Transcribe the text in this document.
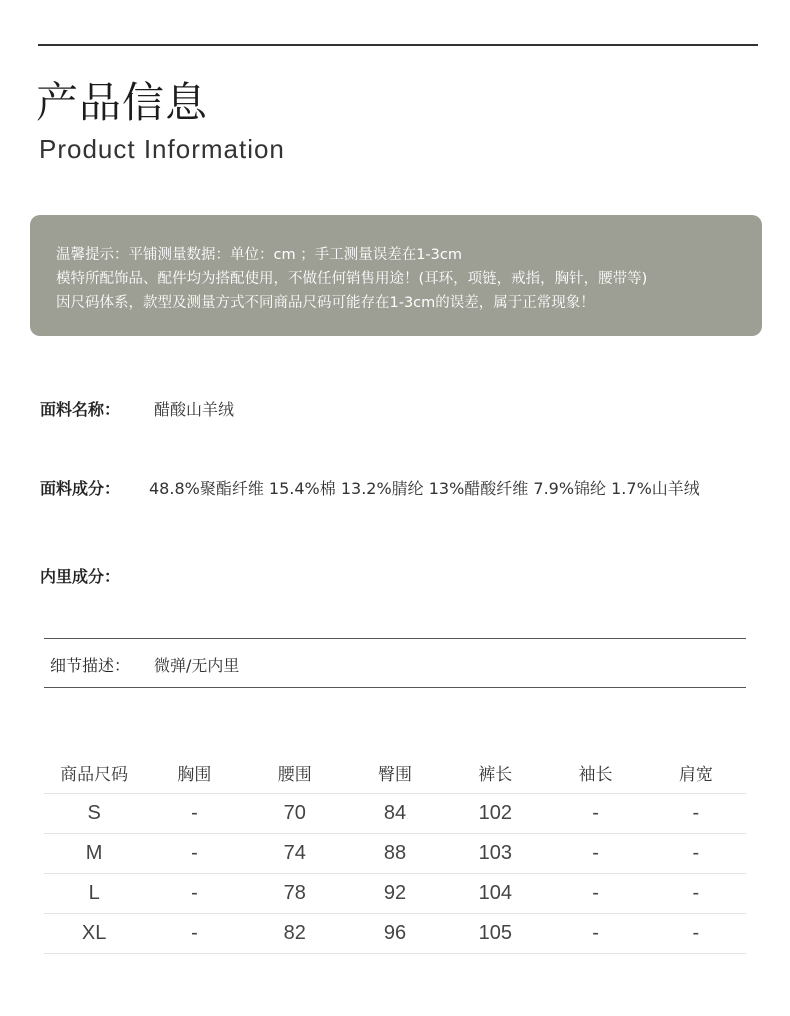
产品信息
Product Information
温馨提示：平铺测量数据：单位：cm ；手工测量误差在1-3cm
模特所配饰品、配件均为搭配使用，不做任何销售用途！(耳环，项链，戒指，胸针，腰带等)
因尺码体系，款型及测量方式不同商品尺码可能存在1-3cm的误差，属于正常现象！
面料名称： 醋酸山羊绒
面料成分： 48.8%聚酯纤维 15.4%棉 13.2%腈纶 13%醋酸纤维 7.9%锦纶 1.7%山羊绒
内里成分：
细节描述： 微弹/无内里
商品尺码	胸围	腰围	臀围	裤长	袖长	肩宽
S	-	70	84	102	-	-
M	-	74	88	103	-	-
L	-	78	92	104	-	-
XL	-	82	96	105	-	-
